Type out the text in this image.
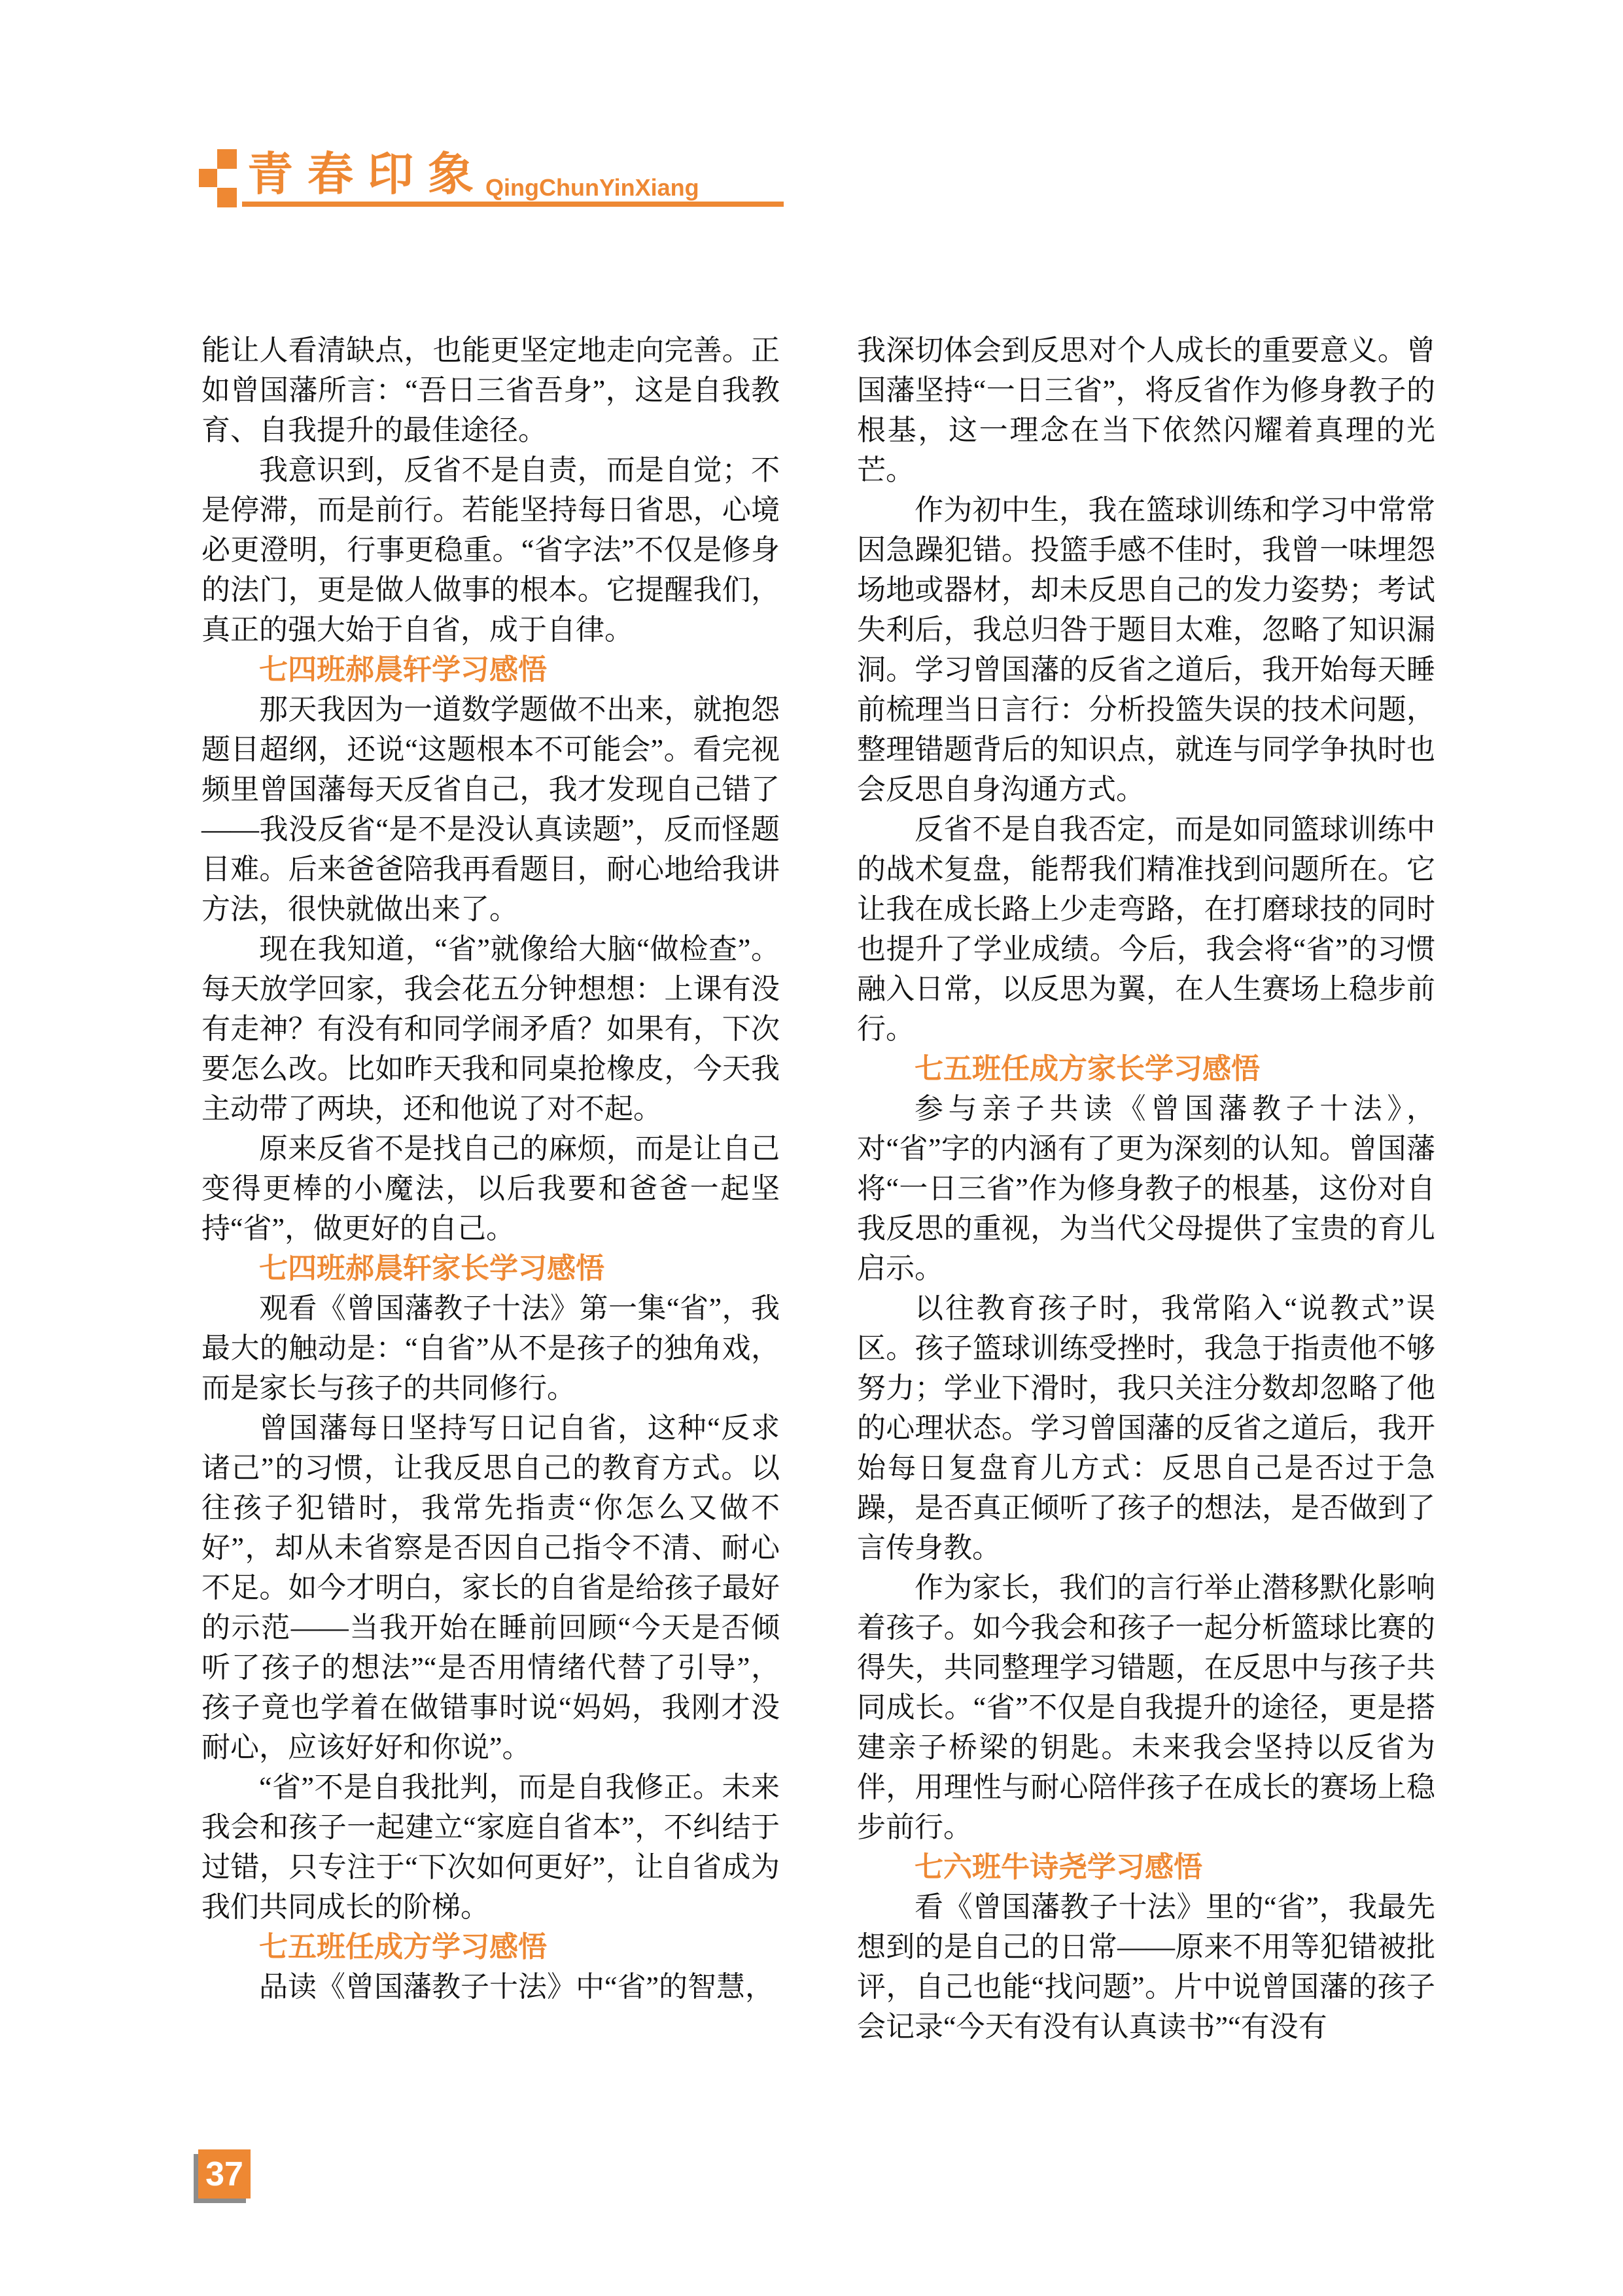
青春印象
QingChunYinXiang

能让人看清缺点，也能更坚定地走向完善。正如曾国藩所言：“吾日三省吾身”，这是自我教育、自我提升的最佳途径。

我意识到，反省不是自责，而是自觉；不是停滞，而是前行。若能坚持每日省思，心境必更澄明，行事更稳重。“省字法”不仅是修身的法门，更是做人做事的根本。它提醒我们，真正的强大始于自省，成于自律。

七四班郝晨轩学习感悟

那天我因为一道数学题做不出来，就抱怨题目超纲，还说“这题根本不可能会”。看完视频里曾国藩每天反省自己，我才发现自己错了——我没反省“是不是没认真读题”，反而怪题目难。后来爸爸陪我再看题目，耐心地给我讲方法，很快就做出来了。

现在我知道，“省”就像给大脑“做检查”。每天放学回家，我会花五分钟想想：上课有没有走神？有没有和同学闹矛盾？如果有，下次要怎么改。比如昨天我和同桌抢橡皮，今天我主动带了两块，还和他说了对不起。

原来反省不是找自己的麻烦，而是让自己变得更棒的小魔法，以后我要和爸爸一起坚持“省”，做更好的自己。

七四班郝晨轩家长学习感悟

观看《曾国藩教子十法》第一集“省”，我最大的触动是：“自省”从不是孩子的独角戏，而是家长与孩子的共同修行。

曾国藩每日坚持写日记自省，这种“反求诸己”的习惯，让我反思自己的教育方式。以往孩子犯错时，我常先指责“你怎么又做不好”，却从未省察是否因自己指令不清、耐心不足。如今才明白，家长的自省是给孩子最好的示范——当我开始在睡前回顾“今天是否倾听了孩子的想法”“是否用情绪代替了引导”，孩子竟也学着在做错事时说“妈妈，我刚才没耐心，应该好好和你说”。

“省”不是自我批判，而是自我修正。未来我会和孩子一起建立“家庭自省本”，不纠结于过错，只专注于“下次如何更好”，让自省成为我们共同成长的阶梯。

七五班任成方学习感悟

品读《曾国藩教子十法》中“省”的智慧，

我深切体会到反思对个人成长的重要意义。曾国藩坚持“一日三省”，将反省作为修身教子的根基，这一理念在当下依然闪耀着真理的光芒。

作为初中生，我在篮球训练和学习中常常因急躁犯错。投篮手感不佳时，我曾一味埋怨场地或器材，却未反思自己的发力姿势；考试失利后，我总归咎于题目太难，忽略了知识漏洞。学习曾国藩的反省之道后，我开始每天睡前梳理当日言行：分析投篮失误的技术问题，整理错题背后的知识点，就连与同学争执时也会反思自身沟通方式。

反省不是自我否定，而是如同篮球训练中的战术复盘，能帮我们精准找到问题所在。它让我在成长路上少走弯路，在打磨球技的同时也提升了学业成绩。今后，我会将“省”的习惯融入日常，以反思为翼，在人生赛场上稳步前行。

七五班任成方家长学习感悟

参与亲子共读《曾国藩教子十法》，对“省”字的内涵有了更为深刻的认知。曾国藩将“一日三省”作为修身教子的根基，这份对自我反思的重视，为当代父母提供了宝贵的育儿启示。

以往教育孩子时，我常陷入“说教式”误区。孩子篮球训练受挫时，我急于指责他不够努力；学业下滑时，我只关注分数却忽略了他的心理状态。学习曾国藩的反省之道后，我开始每日复盘育儿方式：反思自己是否过于急躁，是否真正倾听了孩子的想法，是否做到了言传身教。

作为家长，我们的言行举止潜移默化影响着孩子。如今我会和孩子一起分析篮球比赛的得失，共同整理学习错题，在反思中与孩子共同成长。“省”不仅是自我提升的途径，更是搭建亲子桥梁的钥匙。未来我会坚持以反省为伴，用理性与耐心陪伴孩子在成长的赛场上稳步前行。

七六班牛诗尧学习感悟

看《曾国藩教子十法》里的“省”，我最先想到的是自己的日常——原来不用等犯错被批评，自己也能“找问题”。片中说曾国藩的孩子会记录“今天有没有认真读书”“有没有

37
